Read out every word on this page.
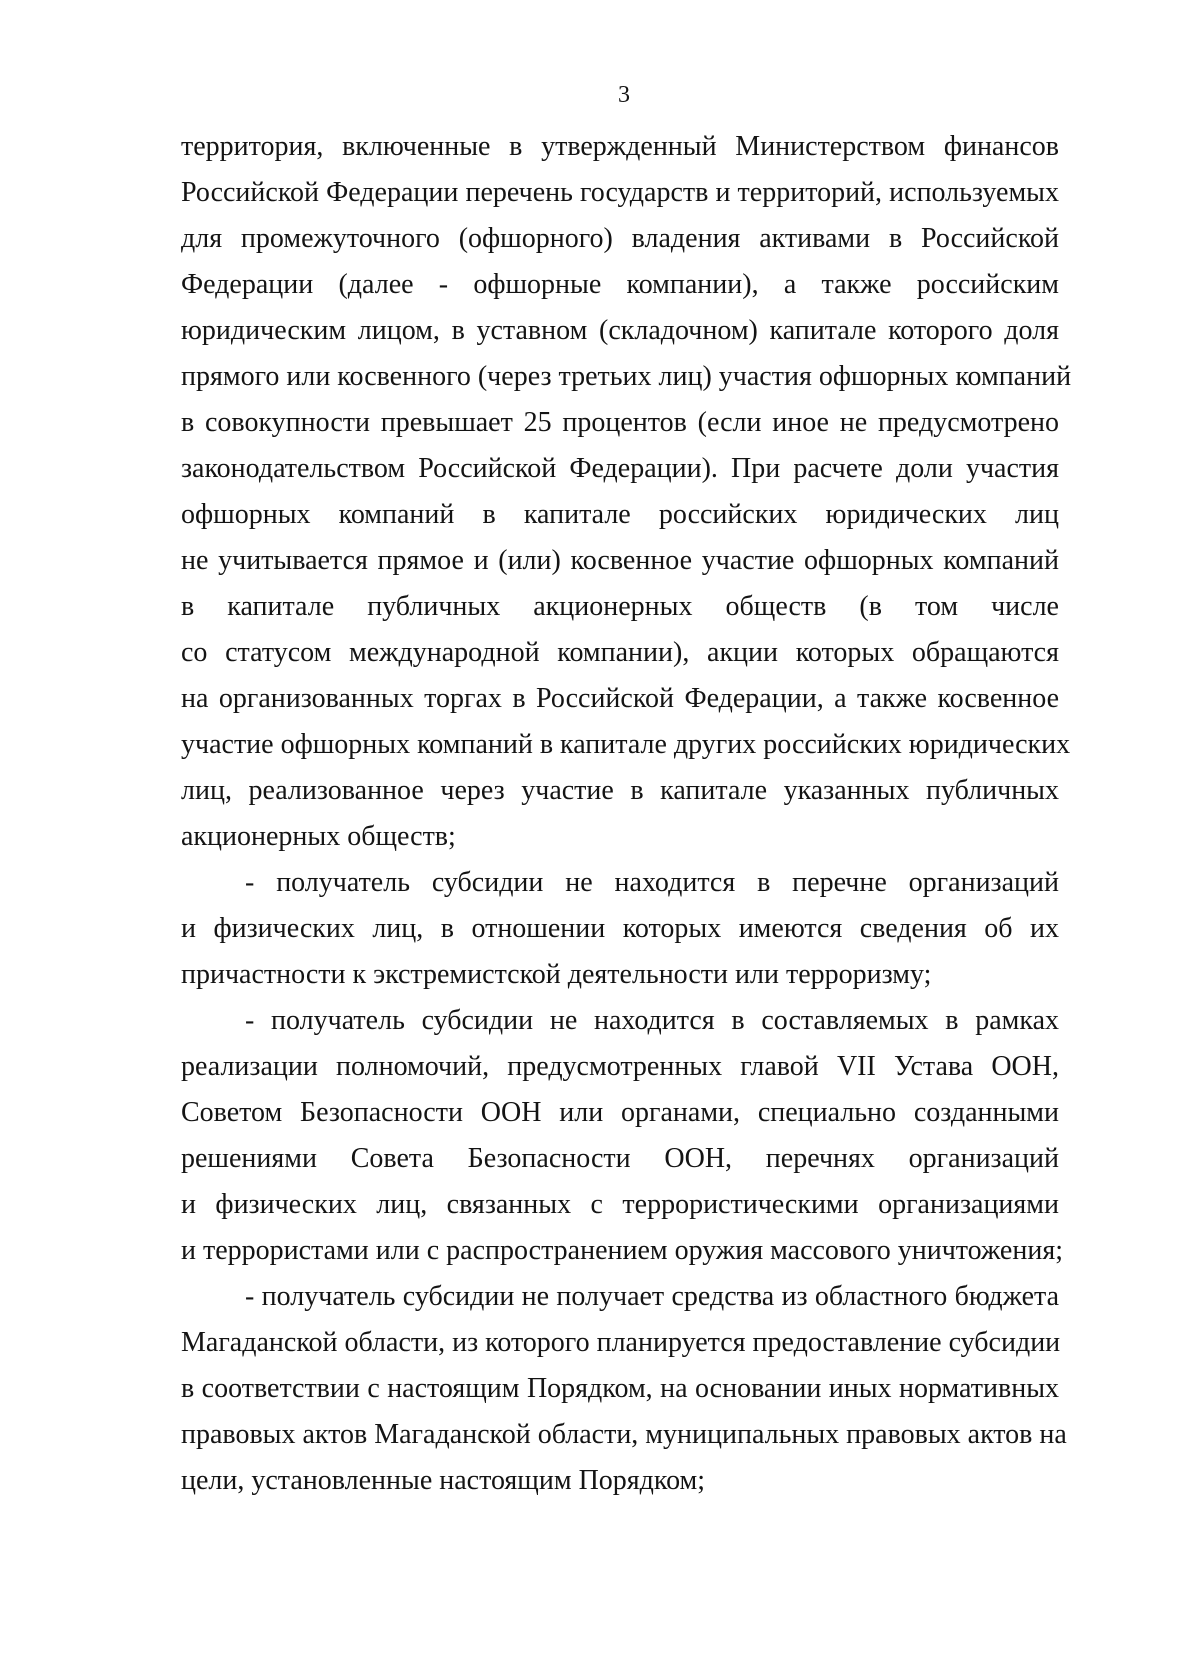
3
территория, включенные в утвержденный Министерством финансов
Российской Федерации перечень государств и территорий, используемых
для промежуточного (офшорного) владения активами в Российской
Федерации (далее - офшорные компании), а также российским
юридическим лицом, в уставном (складочном) капитале которого доля
прямого или косвенного (через третьих лиц) участия офшорных компаний
в совокупности превышает 25 процентов (если иное не предусмотрено
законодательством Российской Федерации). При расчете доли участия
офшорных компаний в капитале российских юридических лиц
не учитывается прямое и (или) косвенное участие офшорных компаний
в капитале публичных акционерных обществ (в том числе
со статусом международной компании), акции которых обращаются
на организованных торгах в Российской Федерации, а также косвенное
участие офшорных компаний в капитале других российских юридических
лиц, реализованное через участие в капитале указанных публичных
акционерных обществ;
- получатель субсидии не находится в перечне организаций
и физических лиц, в отношении которых имеются сведения об их
причастности к экстремистской деятельности или терроризму;
- получатель субсидии не находится в составляемых в рамках
реализации полномочий, предусмотренных главой VII Устава ООН,
Советом Безопасности ООН или органами, специально созданными
решениями Совета Безопасности ООН, перечнях организаций
и физических лиц, связанных с террористическими организациями
и террористами или с распространением оружия массового уничтожения;
- получатель субсидии не получает средства из областного бюджета
Магаданской области, из которого планируется предоставление субсидии
в соответствии с настоящим Порядком, на основании иных нормативных
правовых актов Магаданской области, муниципальных правовых актов на
цели, установленные настоящим Порядком;
